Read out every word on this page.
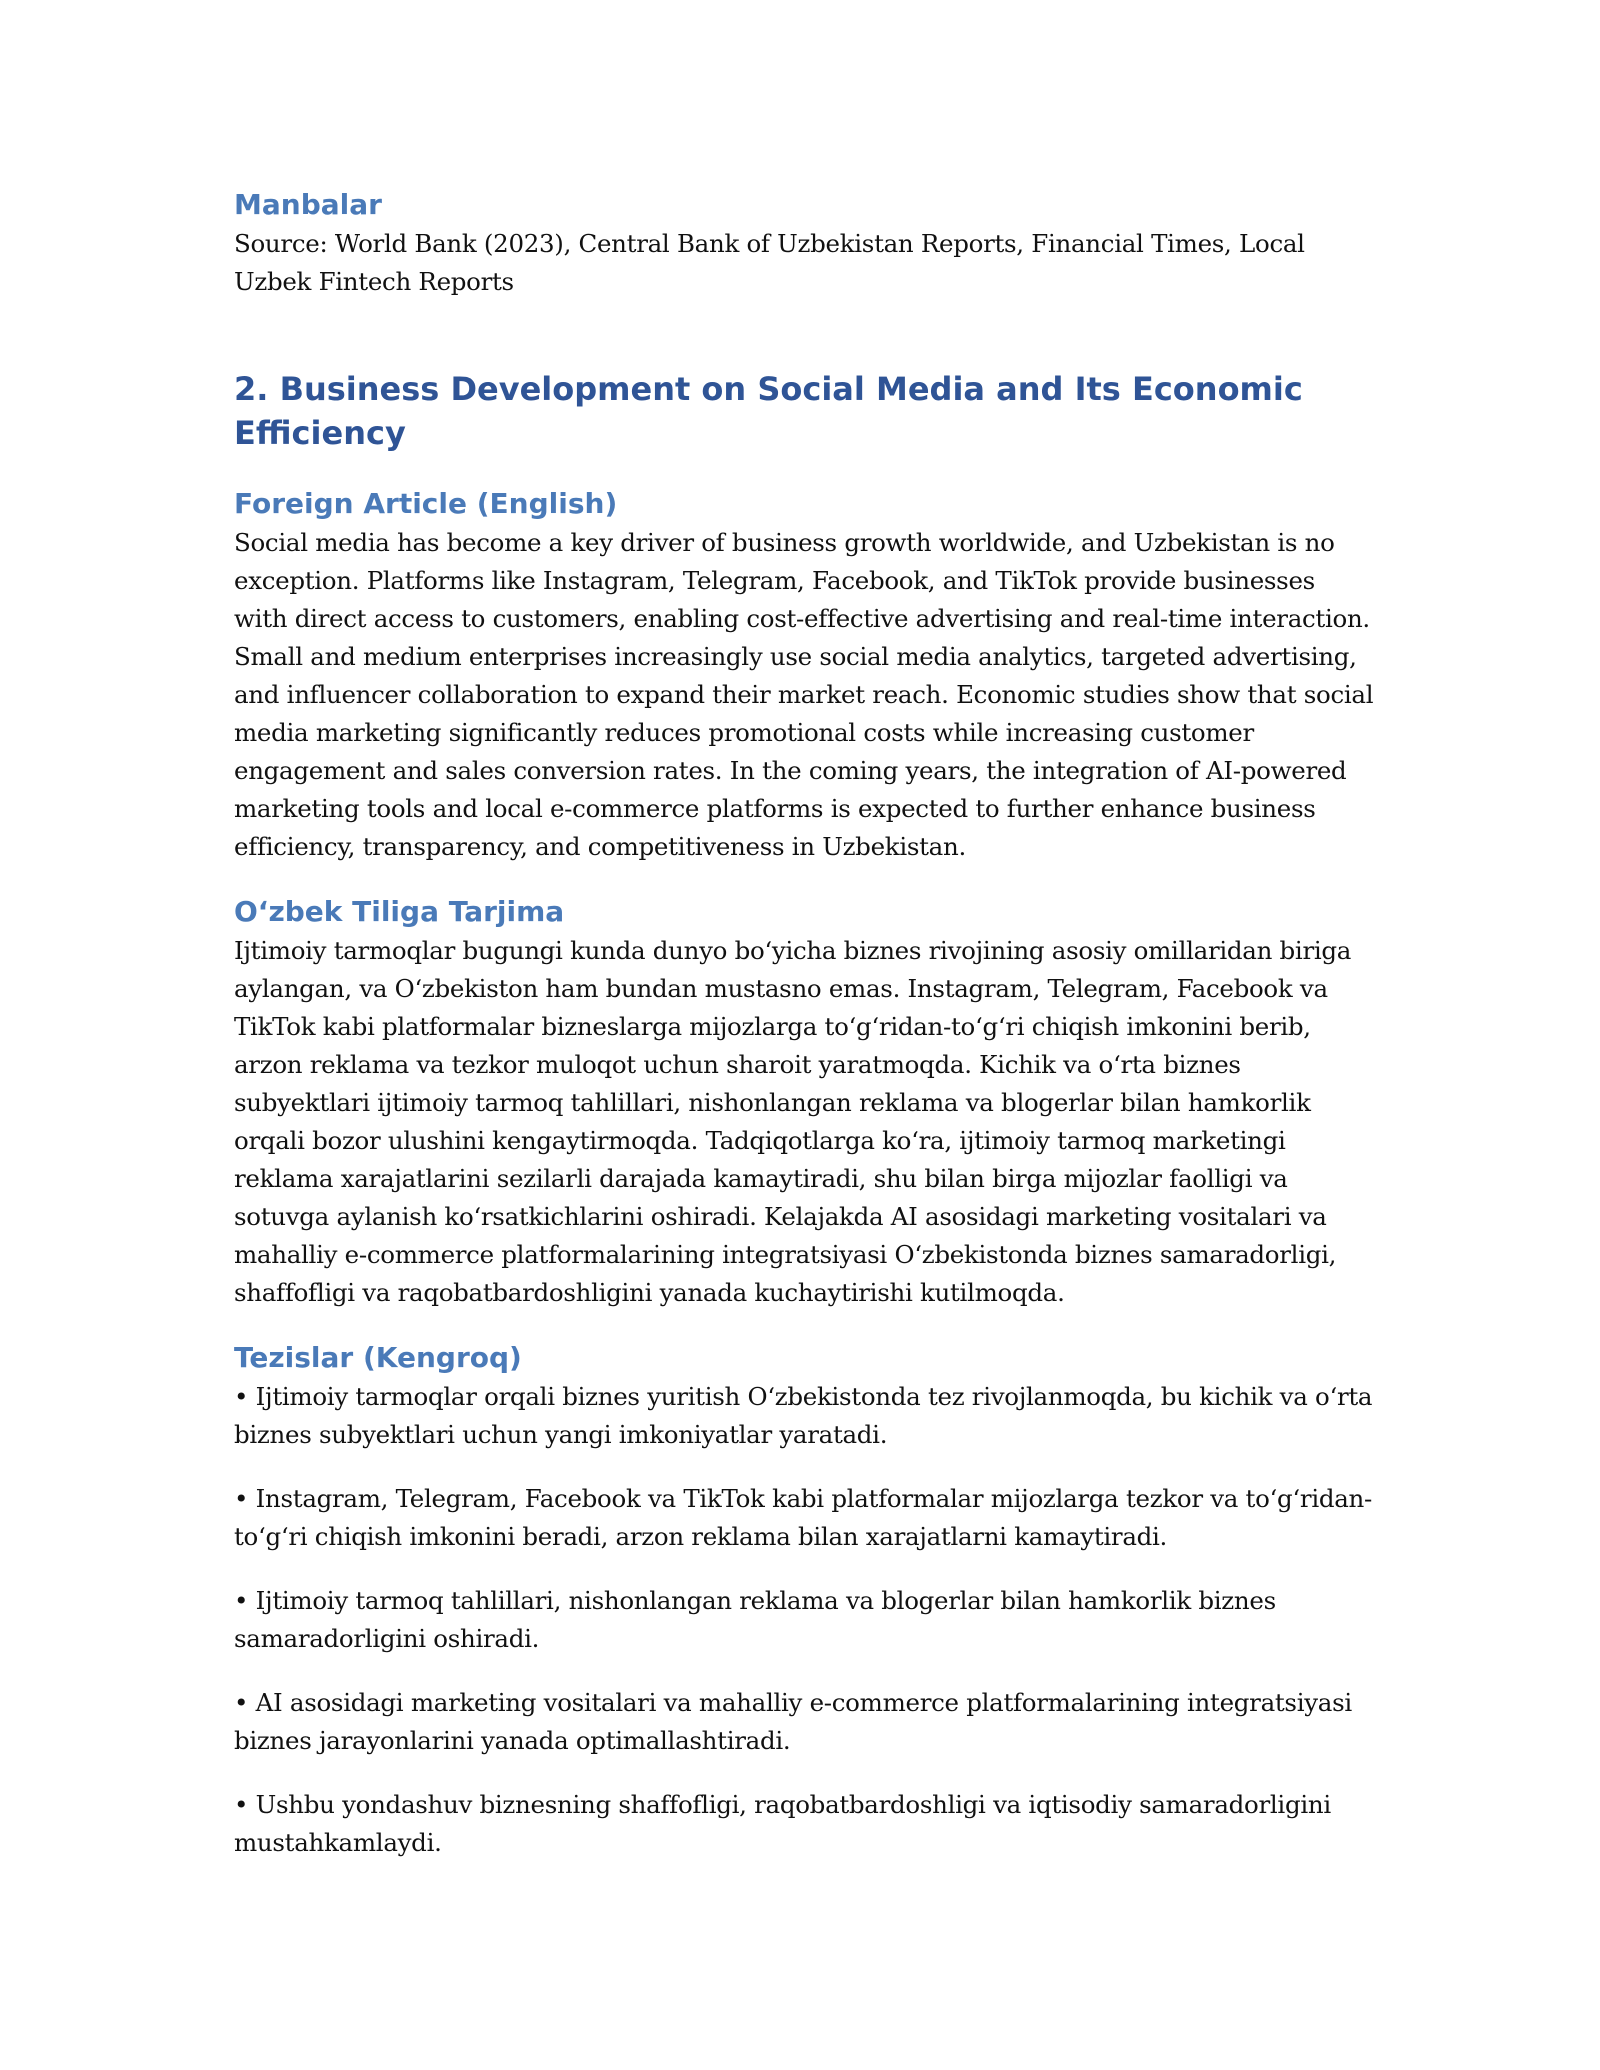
Manbalar

Source: World Bank (2023), Central Bank of Uzbekistan Reports, Financial Times, Local Uzbek Fintech Reports

2. Business Development on Social Media and Its Economic Efficiency
Foreign Article (English)

Social media has become a key driver of business growth worldwide, and Uzbekistan is no exception. Platforms like Instagram, Telegram, Facebook, and TikTok provide businesses with direct access to customers, enabling cost-effective advertising and real-time interaction. Small and medium enterprises increasingly use social media analytics, targeted advertising, and influencer collaboration to expand their market reach. Economic studies show that social media marketing significantly reduces promotional costs while increasing customer engagement and sales conversion rates. In the coming years, the integration of AI-powered marketing tools and local e-commerce platforms is expected to further enhance business efficiency, transparency, and competitiveness in Uzbekistan.

Oʻzbek Tiliga Tarjima

Ijtimoiy tarmoqlar bugungi kunda dunyo boʻyicha biznes rivojining asosiy omillaridan biriga aylangan, va Oʻzbekiston ham bundan mustasno emas. Instagram, Telegram, Facebook va TikTok kabi platformalar bizneslarga mijozlarga toʻgʻridan-toʻgʻri chiqish imkonini berib, arzon reklama va tezkor muloqot uchun sharoit yaratmoqda. Kichik va oʻrta biznes subyektlari ijtimoiy tarmoq tahlillari, nishonlangan reklama va blogerlar bilan hamkorlik orqali bozor ulushini kengaytirmoqda. Tadqiqotlarga koʻra, ijtimoiy tarmoq marketingi reklama xarajatlarini sezilarli darajada kamaytiradi, shu bilan birga mijozlar faolligi va sotuvga aylanish koʻrsatkichlarini oshiradi. Kelajakda AI asosidagi marketing vositalari va mahalliy e-commerce platformalarining integratsiyasi Oʻzbekistonda biznes samaradorligi, shaffofligi va raqobatbardoshligini yanada kuchaytirishi kutilmoqda.

Tezislar (Kengroq)

• Ijtimoiy tarmoqlar orqali biznes yuritish Oʻzbekistonda tez rivojlanmoqda, bu kichik va oʻrta biznes subyektlari uchun yangi imkoniyatlar yaratadi.

• Instagram, Telegram, Facebook va TikTok kabi platformalar mijozlarga tezkor va toʻgʻridan-toʻgʻri chiqish imkonini beradi, arzon reklama bilan xarajatlarni kamaytiradi.

• Ijtimoiy tarmoq tahlillari, nishonlangan reklama va blogerlar bilan hamkorlik biznes samaradorligini oshiradi.

• AI asosidagi marketing vositalari va mahalliy e-commerce platformalarining integratsiyasi biznes jarayonlarini yanada optimallashtiradi.

• Ushbu yondashuv biznesning shaffofligi, raqobatbardoshligi va iqtisodiy samaradorligini mustahkamlaydi.
